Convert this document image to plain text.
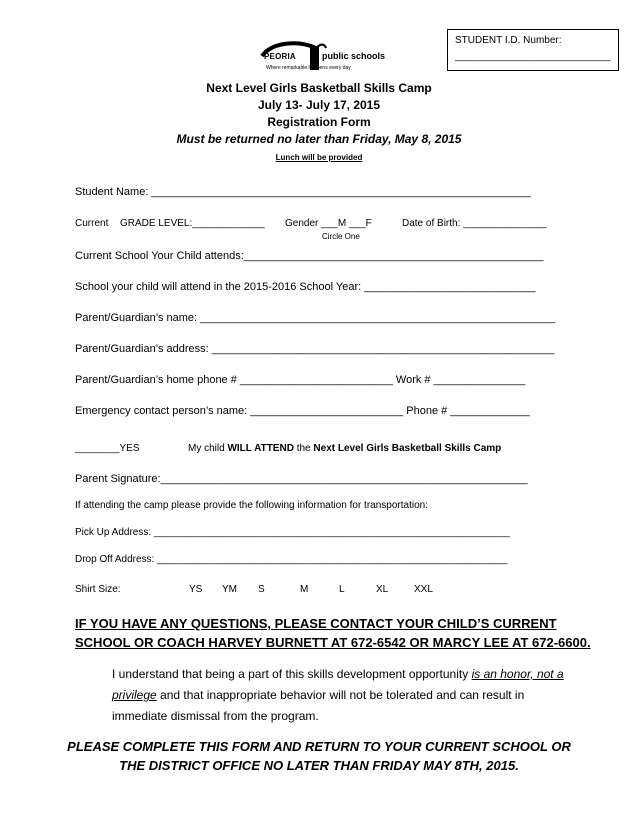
STUDENT I.D. Number:
____________________________
PEORIA	public schools
Where remarkable happens every day
Next Level Girls Basketball Skills Camp
July 13- July 17, 2015
Registration Form
Must be returned no later than Friday, May 8, 2015
Lunch will be provided
Student Name: ______________________________________________________________
Current GRADE LEVEL:_____________ Gender ___M ___F	Date of Birth: _______________
Circle One
Current School Your Child attends:_________________________________________________
School your child will attend in the 2015-2016 School Year: ____________________________
Parent/Guardian’s name: __________________________________________________________
Parent/Guardian’s address: ________________________________________________________
Parent/Guardian’s home phone # _________________________ Work # _______________
Emergency contact person’s name: _________________________ Phone # _____________
________YES	My child WILL ATTEND the Next Level Girls Basketball Skills Camp
Parent Signature:____________________________________________________________
If attending the camp please provide the following information for transportation:
Pick Up Address: ________________________________________________________________
Drop Off Address: _______________________________________________________________
Shirt Size:	YS YM S	M	L	XL	XXL
IF YOU HAVE ANY QUESTIONS, PLEASE CONTACT YOUR CHILD’S CURRENT
SCHOOL OR COACH HARVEY BURNETT AT 672-6542 OR MARCY LEE AT 672-6600.
I understand that being a part of this skills development opportunity is an honor, not a privilege and that inappropriate behavior will not be tolerated and can result in immediate dismissal from the program.
PLEASE COMPLETE THIS FORM AND RETURN TO YOUR CURRENT SCHOOL OR
THE DISTRICT OFFICE NO LATER THAN FRIDAY MAY 8TH, 2015.
